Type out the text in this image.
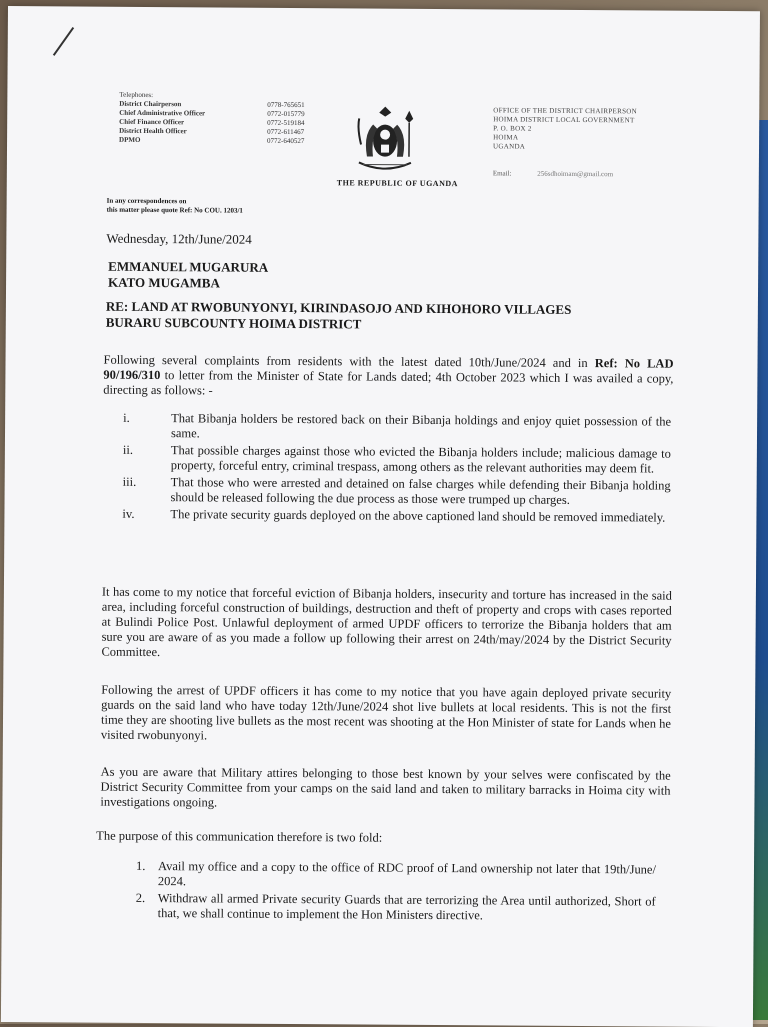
Telephones:
District Chairperson	0778-765651
Chief Administrative Officer	0772-015779
Chief Finance Officer	0772-519184
District Health Officer	0772-611467
DPMO	0772-640527
THE REPUBLIC OF UGANDA
OFFICE OF THE DISTRICT CHAIRPERSON
HOIMA DISTRICT LOCAL GOVERNMENT
P. O. BOX 2
HOIMA
UGANDA
Email:	256sdhoimam@gmail.com
In any correspondences on
this matter please quote Ref: No COU. 1203/1
Wednesday, 12th/June/2024
EMMANUEL MUGARURA
KATO MUGAMBA
RE: LAND AT RWOBUNYONYI, KIRINDASOJO AND KIHOHORO VILLAGES
BURARU SUBCOUNTY HOIMA DISTRICT
Following several complaints from residents with the latest dated 10th/June/2024 and in Ref: No LAD 90/196/310 to letter from the Minister of State for Lands dated; 4th October 2023 which I was availed a copy, directing as follows: -
i.	That Bibanja holders be restored back on their Bibanja holdings and enjoy quiet possession of the same.
ii.	That possible charges against those who evicted the Bibanja holders include; malicious damage to property, forceful entry, criminal trespass, among others as the relevant authorities may deem fit.
iii.	That those who were arrested and detained on false charges while defending their Bibanja holding should be released following the due process as those were trumped up charges.
iv.	The private security guards deployed on the above captioned land should be removed immediately.
It has come to my notice that forceful eviction of Bibanja holders, insecurity and torture has increased in the said area, including forceful construction of buildings, destruction and theft of property and crops with cases reported at Bulindi Police Post. Unlawful deployment of armed UPDF officers to terrorize the Bibanja holders that am sure you are aware of as you made a follow up following their arrest on 24th/may/2024 by the District Security Committee.
Following the arrest of UPDF officers it has come to my notice that you have again deployed private security guards on the said land who have today 12th/June/2024 shot live bullets at local residents. This is not the first time they are shooting live bullets as the most recent was shooting at the Hon Minister of state for Lands when he visited rwobunyonyi.
As you are aware that Military attires belonging to those best known by your selves were confiscated by the District Security Committee from your camps on the said land and taken to military barracks in Hoima city with investigations ongoing.
The purpose of this communication therefore is two fold:
1.	Avail my office and a copy to the office of RDC proof of Land ownership not later that 19th/June/ 2024.
2.	Withdraw all armed Private security Guards that are terrorizing the Area until authorized, Short of that, we shall continue to implement the Hon Ministers directive.
